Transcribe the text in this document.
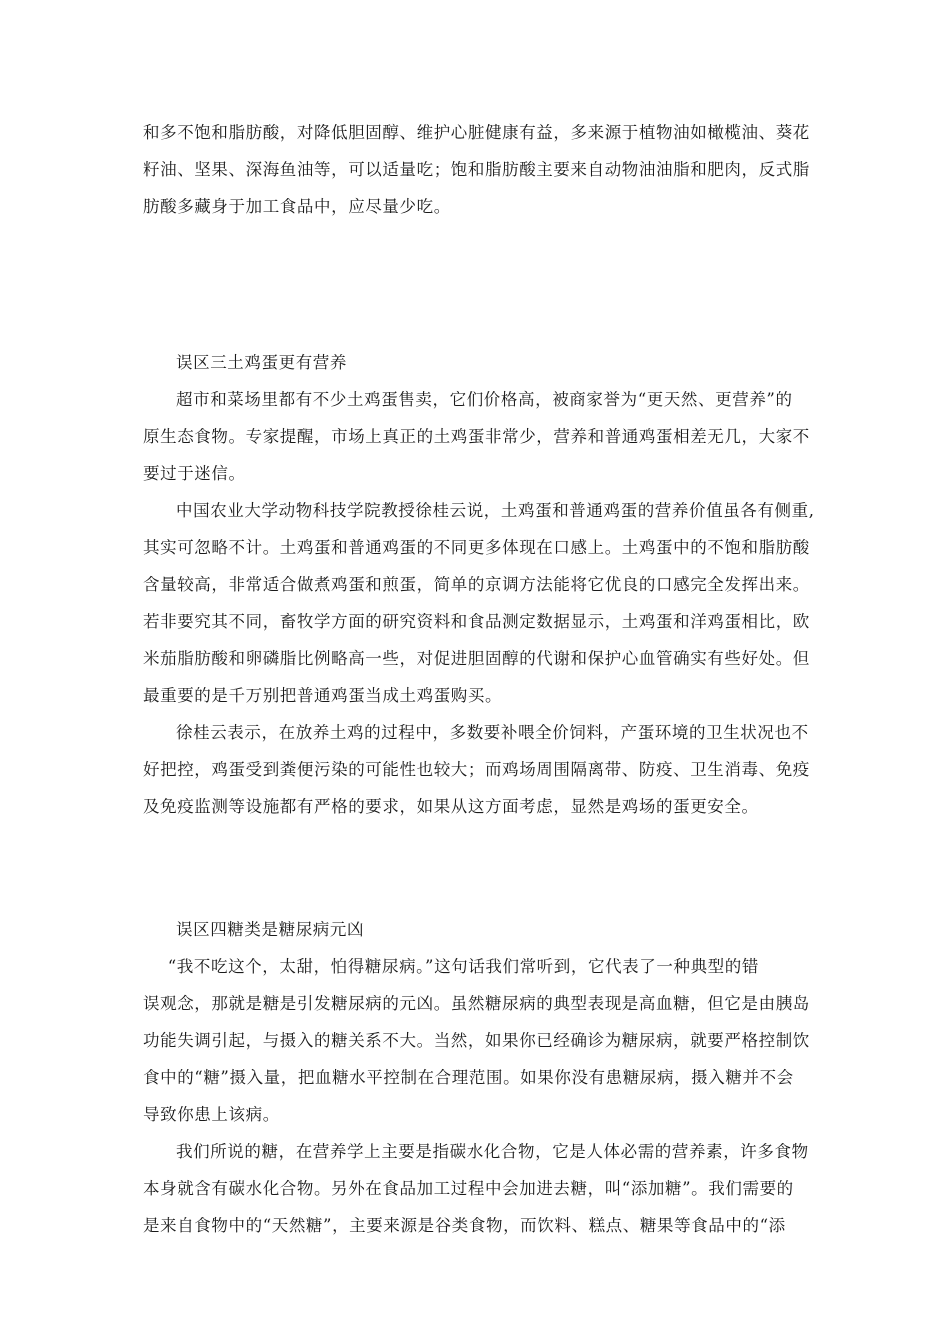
和多不饱和脂肪酸，对降低胆固醇、维护心脏健康有益，多来源于植物油如橄榄油、葵花
籽油、坚果、深海鱼油等，可以适量吃；饱和脂肪酸主要来自动物油油脂和肥肉，反式脂
肪酸多藏身于加工食品中，应尽量少吃。

误区三土鸡蛋更有营养

超市和菜场里都有不少土鸡蛋售卖，它们价格高，被商家誉为“更天然、更营养”的
原生态食物。专家提醒，市场上真正的土鸡蛋非常少，营养和普通鸡蛋相差无几，大家不
要过于迷信。
中国农业大学动物科技学院教授徐桂云说，土鸡蛋和普通鸡蛋的营养价值虽各有侧重,
其实可忽略不计。土鸡蛋和普通鸡蛋的不同更多体现在口感上。土鸡蛋中的不饱和脂肪酸
含量较高，非常适合做煮鸡蛋和煎蛋，简单的京调方法能将它优良的口感完全发挥出来。
若非要究其不同，畜牧学方面的研究资料和食品测定数据显示，土鸡蛋和洋鸡蛋相比，欧
米茄脂肪酸和卵磷脂比例略高一些，对促进胆固醇的代谢和保护心血管确实有些好处。但
最重要的是千万别把普通鸡蛋当成土鸡蛋购买。
徐桂云表示，在放养土鸡的过程中，多数要补喂全价饲料，产蛋环境的卫生状况也不
好把控，鸡蛋受到粪便污染的可能性也较大；而鸡场周围隔离带、防疫、卫生消毒、免疫
及免疫监测等设施都有严格的要求，如果从这方面考虑，显然是鸡场的蛋更安全。

误区四糖类是糖尿病元凶

“我不吃这个，太甜，怕得糖尿病。”这句话我们常听到，它代表了一种典型的错
误观念，那就是糖是引发糖尿病的元凶。虽然糖尿病的典型表现是高血糖，但它是由胰岛
功能失调引起，与摄入的糖关系不大。当然，如果你已经确诊为糖尿病，就要严格控制饮
食中的“糖”摄入量，把血糖水平控制在合理范围。如果你没有患糖尿病，摄入糖并不会
导致你患上该病。
我们所说的糖，在营养学上主要是指碳水化合物，它是人体必需的营养素，许多食物
本身就含有碳水化合物。另外在食品加工过程中会加进去糖，叫“添加糖”。我们需要的
是来自食物中的“天然糖”，主要来源是谷类食物，而饮料、糕点、糖果等食品中的“添
